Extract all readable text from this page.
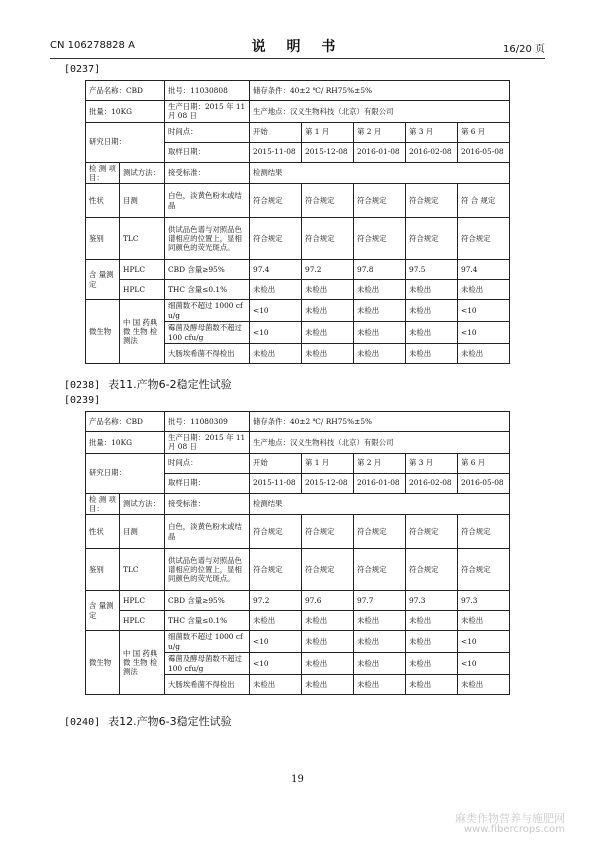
CN 106278828 A	说 明 书	16/20 页
[0237]
产品名称：CBD		批号：11030808	储存条件：40±2 ℃/ RH75%±5%				
批量：10KG		生产日期：2015 年 11 月 08 日	生产地点：汉义生物科技（北京）有限公司				
研究日期：		时间点：	开始	第 1 月	第 2 月	第 3 月	第 6 月
		取样日期：	2015-11-08	2015-12-08	2016-01-08	2016-02-08	2016-05-08
检 测 项目：	测试方法：	接受标准：	检测结果				
性状	目测	白色，淡黄色粉末或结晶	符合规定	符合规定	符合规定	符合规定	符 合 规定
鉴别	TLC	供试品色谱与对照品色谱相应的位置上，显相同颜色的荧光斑点。	符合规定	符合规定	符合规定	符合规定	符合规定
含 量测定	HPLC	CBD 含量≥95%	97.4	97.2	97.8	97.5	97.4
	HPLC	THC 含量≤0.1%	未检出	未检出	未检出	未检出	未检出
微生物	中 国 药典 微 生物 检 测法	细菌数不超过 1000 cfu/g	<10	未检出	未检出	未检出	<10
		霉菌及酵母菌数不超过 100 cfu/g	<10	未检出	未检出	未检出	<10
		大肠埃希菌不得检出	未检出	未检出	未检出	未检出	未检出
[0238] 表11.产物6-2稳定性试验
[0239]
产品名称：CBD		批号：11080309	储存条件：40±2 ℃/ RH75%±5%				
批量：10KG		生产日期：2015 年 11 月 08 日	生产地点：汉义生物科技（北京）有限公司				
研究日期：		时间点：	开始	第 1 月	第 2 月	第 3 月	第 6 月
		取样日期：	2015-11-08	2015-12-08	2016-01-08	2016-02-08	2016-05-08
检 测 项目：	测试方法：	接受标准：	检测结果				
性状	目测	白色，淡黄色粉末或结晶	符合规定	符合规定	符合规定	符合规定	符合规定
鉴别	TLC	供试品色谱与对照品色谱相应的位置上，显相同颜色的荧光斑点。	符合规定	符合规定	符合规定	符合规定	符合规定
含 量测定	HPLC	CBD 含量≥95%	97.2	97.6	97.7	97.3	97.3
	HPLC	THC 含量≤0.1%	未检出	未检出	未检出	未检出	未检出
微生物	中 国 药典 微 生物 检 测法	细菌数不超过 1000 cfu/g	<10	未检出	未检出	未检出	<10
		霉菌及酵母菌数不超过 100 cfu/g	<10	未检出	未检出	未检出	<10
		大肠埃希菌不得检出	未检出	未检出	未检出	未检出	未检出
[0240] 表12.产物6-3稳定性试验
19
麻类作物营养与施肥网
www.fibercrops.com
